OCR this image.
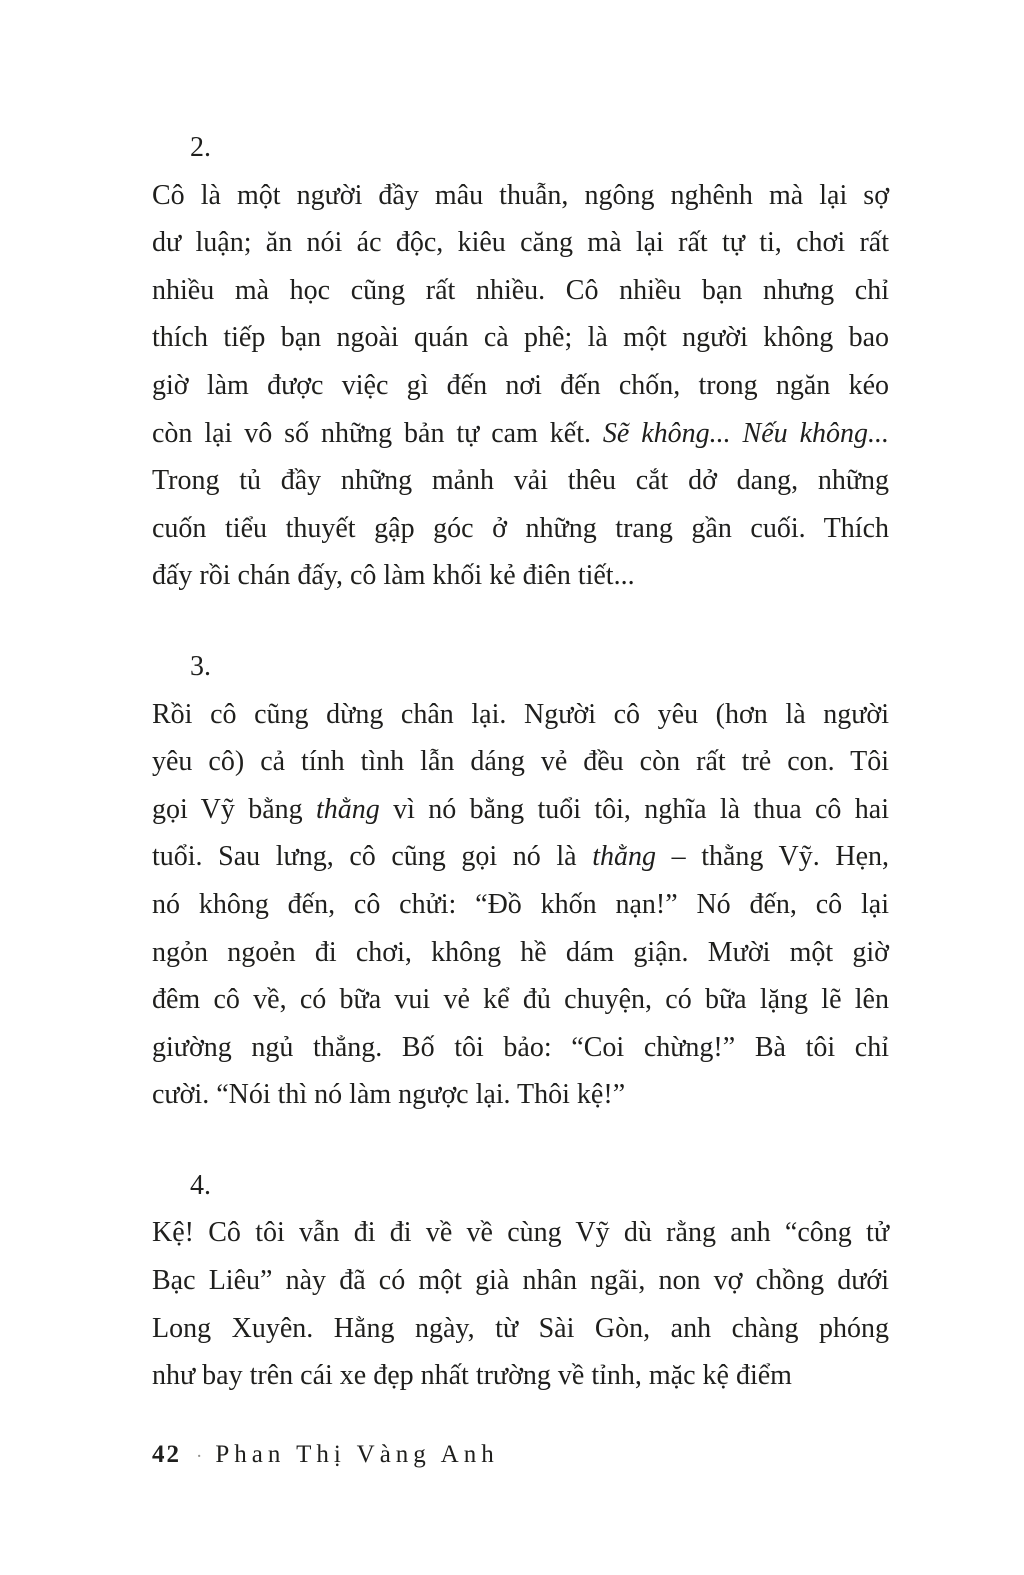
2.
Cô là một người đầy mâu thuẫn, ngông nghênh mà lại sợ
dư luận; ăn nói ác độc, kiêu căng mà lại rất tự ti, chơi rất
nhiều mà học cũng rất nhiều. Cô nhiều bạn nhưng chỉ
thích tiếp bạn ngoài quán cà phê; là một người không bao
giờ làm được việc gì đến nơi đến chốn, trong ngăn kéo
còn lại vô số những bản tự cam kết. Sẽ không... Nếu không...
Trong tủ đầy những mảnh vải thêu cắt dở dang, những
cuốn tiểu thuyết gập góc ở những trang gần cuối. Thích
đấy rồi chán đấy, cô làm khối kẻ điên tiết...
3.
Rồi cô cũng dừng chân lại. Người cô yêu (hơn là người
yêu cô) cả tính tình lẫn dáng vẻ đều còn rất trẻ con. Tôi
gọi Vỹ bằng thằng vì nó bằng tuổi tôi, nghĩa là thua cô hai
tuổi. Sau lưng, cô cũng gọi nó là thằng – thằng Vỹ. Hẹn,
nó không đến, cô chửi: “Đồ khốn nạn!” Nó đến, cô lại
ngỏn ngoẻn đi chơi, không hề dám giận. Mười một giờ
đêm cô về, có bữa vui vẻ kể đủ chuyện, có bữa lặng lẽ lên
giường ngủ thẳng. Bố tôi bảo: “Coi chừng!” Bà tôi chỉ
cười. “Nói thì nó làm ngược lại. Thôi kệ!”
4.
Kệ! Cô tôi vẫn đi đi về về cùng Vỹ dù rằng anh “công tử
Bạc Liêu” này đã có một già nhân ngãi, non vợ chồng dưới
Long Xuyên. Hằng ngày, từ Sài Gòn, anh chàng phóng
như bay trên cái xe đẹp nhất trường về tỉnh, mặc kệ điểm
42 · Phan Thị Vàng Anh
